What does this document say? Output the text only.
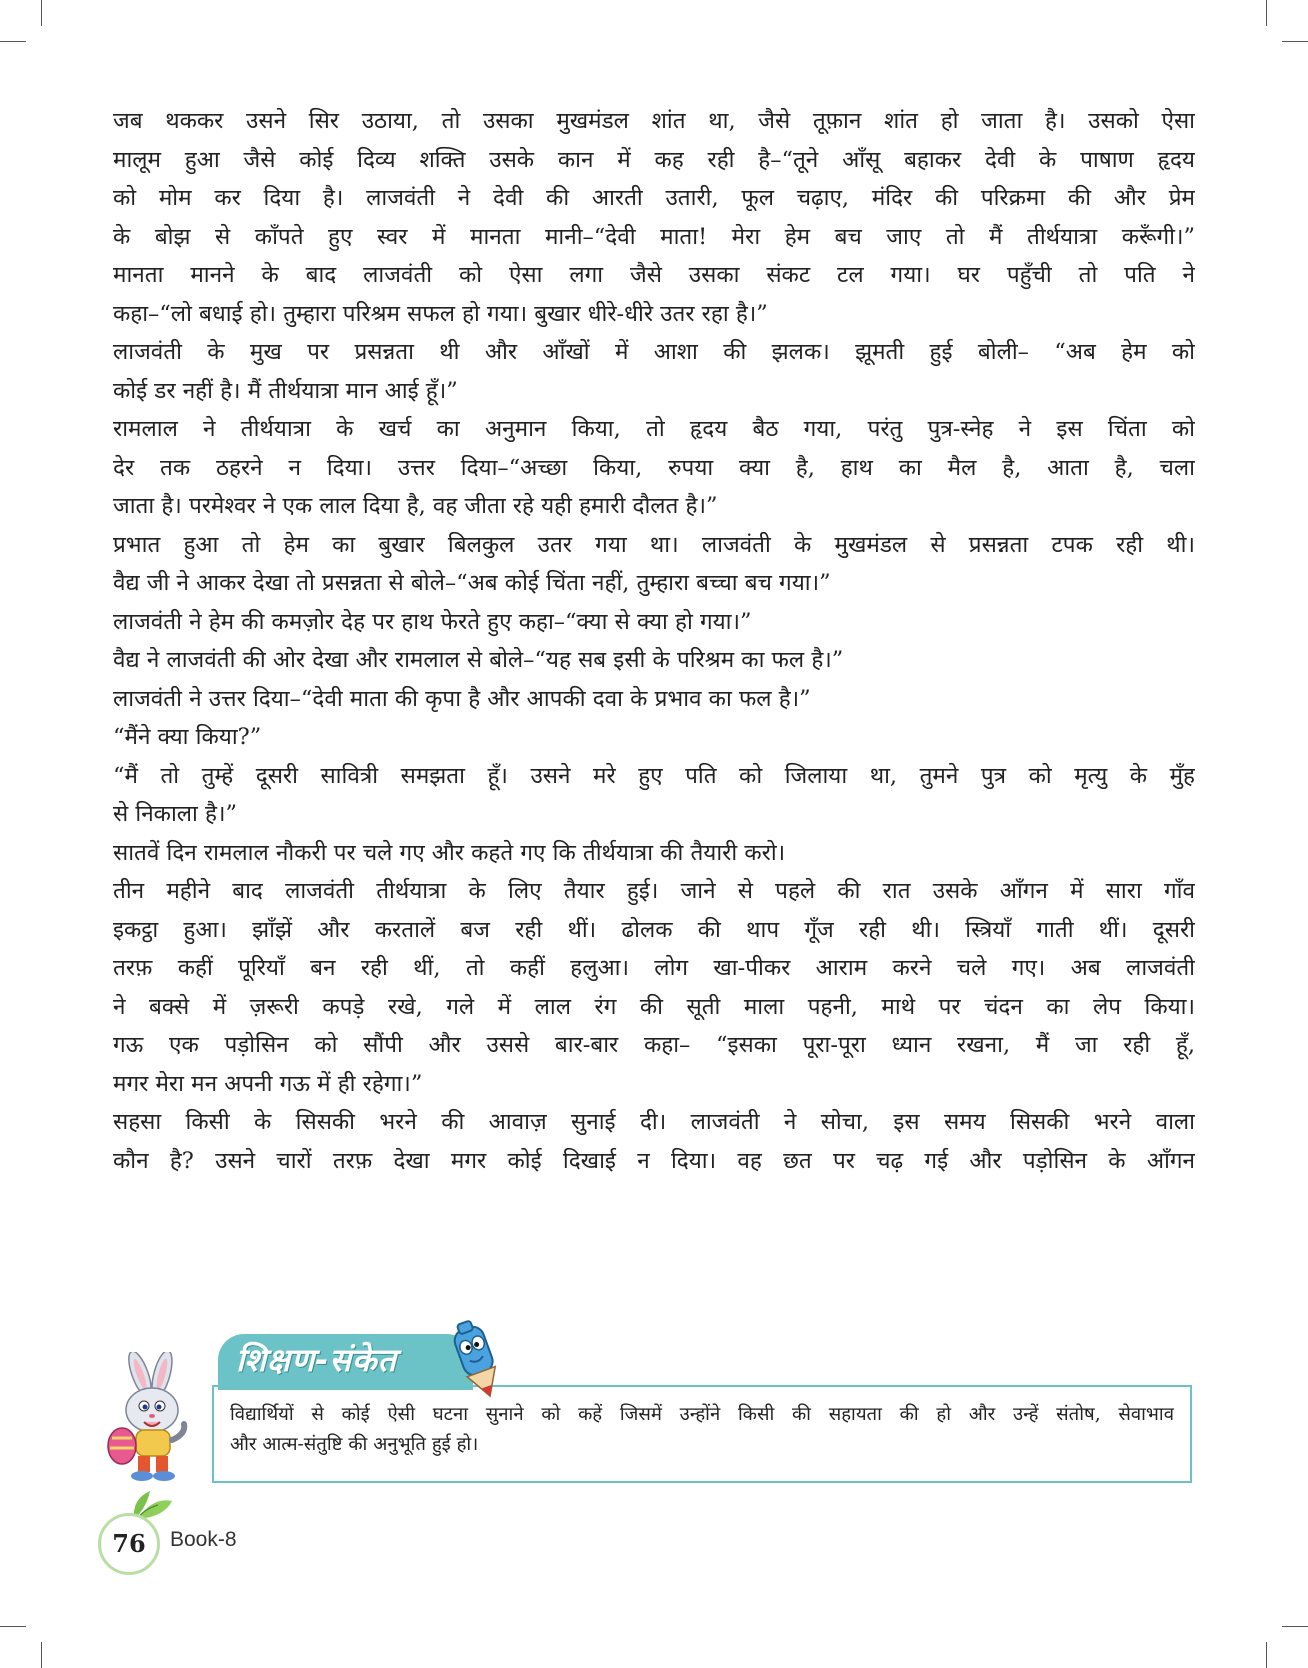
जब थककर उसने सिर उठाया, तो उसका मुखमंडल शांत था, जैसे तूफ़ान शांत हो जाता है। उसको ऐसा
मालूम हुआ जैसे कोई दिव्य शक्ति उसके कान में कह रही है–“तूने आँसू बहाकर देवी के पाषाण हृदय
को मोम कर दिया है। लाजवंती ने देवी की आरती उतारी, फूल चढ़ाए, मंदिर की परिक्रमा की और प्रेम
के बोझ से काँपते हुए स्वर में मानता मानी–“देवी माता! मेरा हेम बच जाए तो मैं तीर्थयात्रा करूँगी।”
मानता मानने के बाद लाजवंती को ऐसा लगा जैसे उसका संकट टल गया। घर पहुँची तो पति ने
कहा–“लो बधाई हो। तुम्हारा परिश्रम सफल हो गया। बुखार धीरे-धीरे उतर रहा है।”
लाजवंती के मुख पर प्रसन्नता थी और आँखों में आशा की झलक। झूमती हुई बोली– “अब हेम को
कोई डर नहीं है। मैं तीर्थयात्रा मान आई हूँ।”
रामलाल ने तीर्थयात्रा के खर्च का अनुमान किया, तो हृदय बैठ गया, परंतु पुत्र-स्नेह ने इस चिंता को
देर तक ठहरने न दिया। उत्तर दिया–“अच्छा किया, रुपया क्या है, हाथ का मैल है, आता है, चला
जाता है। परमेश्वर ने एक लाल दिया है, वह जीता रहे यही हमारी दौलत है।”
प्रभात हुआ तो हेम का बुखार बिलकुल उतर गया था। लाजवंती के मुखमंडल से प्रसन्नता टपक रही थी।
वैद्य जी ने आकर देखा तो प्रसन्नता से बोले–“अब कोई चिंता नहीं, तुम्हारा बच्चा बच गया।”
लाजवंती ने हेम की कमज़ोर देह पर हाथ फेरते हुए कहा–“क्या से क्या हो गया।”
वैद्य ने लाजवंती की ओर देखा और रामलाल से बोले–“यह सब इसी के परिश्रम का फल है।”
लाजवंती ने उत्तर दिया–“देवी माता की कृपा है और आपकी दवा के प्रभाव का फल है।”
“मैंने क्या किया?”
“मैं तो तुम्हें दूसरी सावित्री समझता हूँ। उसने मरे हुए पति को जिलाया था, तुमने पुत्र को मृत्यु के मुँह
से निकाला है।”
सातवें दिन रामलाल नौकरी पर चले गए और कहते गए कि तीर्थयात्रा की तैयारी करो।
तीन महीने बाद लाजवंती तीर्थयात्रा के लिए तैयार हुई। जाने से पहले की रात उसके आँगन में सारा गाँव
इकट्ठा हुआ। झाँझें और करतालें बज रही थीं। ढोलक की थाप गूँज रही थी। स्त्रियाँ गाती थीं। दूसरी
तरफ़ कहीं पूरियाँ बन रही थीं, तो कहीं हलुआ। लोग खा-पीकर आराम करने चले गए। अब लाजवंती
ने बक्से में ज़रूरी कपड़े रखे, गले में लाल रंग की सूती माला पहनी, माथे पर चंदन का लेप किया।
गऊ एक पड़ोसिन को सौंपी और उससे बार-बार कहा– “इसका पूरा-पूरा ध्यान रखना, मैं जा रही हूँ,
मगर मेरा मन अपनी गऊ में ही रहेगा।”
सहसा किसी के सिसकी भरने की आवाज़ सुनाई दी। लाजवंती ने सोचा, इस समय सिसकी भरने वाला
कौन है? उसने चारों तरफ़ देखा मगर कोई दिखाई न दिया। वह छत पर चढ़ गई और पड़ोसिन के आँगन
विद्यार्थियों से कोई ऐसी घटना सुनाने को कहें जिसमें उन्होंने किसी की सहायता की हो और उन्हें संतोष, सेवाभाव
और आत्म-संतुष्टि की अनुभूति हुई हो।
शिक्षण-संकेत
76	Book-8
